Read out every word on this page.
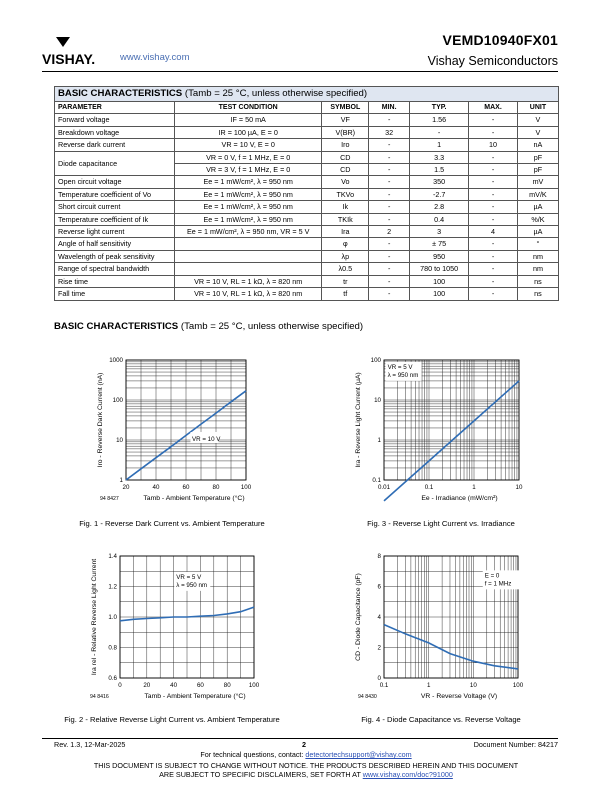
VISHAY.	www.vishay.com
VEMD10940FX01
Vishay Semiconductors
BASIC CHARACTERISTICS (Tamb = 25 °C, unless otherwise specified)						
PARAMETER	TEST CONDITION	SYMBOL	MIN.	TYP.	MAX.	UNIT
Forward voltage	IF = 50 mA	VF	-	1.56	-	V
Breakdown voltage	IR = 100 µA, E = 0	V(BR)	32	-	-	V
Reverse dark current	VR = 10 V, E = 0	Iro	-	1	10	nA
Diode capacitance	VR = 0 V, f = 1 MHz, E = 0	CD	-	3.3	-	pF
	VR = 3 V, f = 1 MHz, E = 0	CD	-	1.5	-	pF
Open circuit voltage	Ee = 1 mW/cm², λ = 950 nm	Vo	-	350	-	mV
Temperature coefficient of Vo	Ee = 1 mW/cm², λ = 950 nm	TKVo	-	-2.7	-	mV/K
Short circuit current	Ee = 1 mW/cm², λ = 950 nm	Ik	-	2.8	-	µA
Temperature coefficient of Ik	Ee = 1 mW/cm², λ = 950 nm	TKIk	-	0.4	-	%/K
Reverse light current	Ee = 1 mW/cm², λ = 950 nm, VR = 5 V	Ira	2	3	4	µA
Angle of half sensitivity		φ	-	± 75	-	°
Wavelength of peak sensitivity		λp	-	950	-	nm
Range of spectral bandwidth		λ0.5	-	780 to 1050	-	nm
Rise time	VR = 10 V, RL = 1 kΩ, λ = 820 nm	tr	-	100	-	ns
Fall time	VR = 10 V, RL = 1 kΩ, λ = 820 nm	tf	-	100	-	ns
BASIC CHARACTERISTICS (Tamb = 25 °C, unless otherwise specified)
20	40	60	80	100
1
10
100
1000
Tamb - Ambient Temperature (°C)
Iro - Reverse Dark Current (nA)
94 8427
VR = 10 V
Fig. 1 - Reverse Dark Current vs. Ambient Temperature
0	20	40	60	80	100
0.6
0.8
1.0
1.2
1.4
Tamb - Ambient Temperature (°C)
Ira rel - Relative Reverse Light Current
94 8416
VR = 5 V
λ = 950 nm
Fig. 2 - Relative Reverse Light Current vs. Ambient Temperature
0.01	0.1	1	10
0.1
1
10
100
Ee - Irradiance (mW/cm²)
Ira - Reverse Light Current (µA)
VR = 5 V
λ = 950 nm
Fig. 3 - Reverse Light Current vs. Irradiance
0.1	1	10	100
0
2
4
6
8
VR - Reverse Voltage (V)
CD - Diode Capacitance (pF)
94 8430
E = 0
f = 1 MHz
Fig. 4 - Diode Capacitance vs. Reverse Voltage
Rev. 1.3, 12-Mar-2025	2	Document Number: 84217
For technical questions, contact: detectortechsupport@vishay.com
THIS DOCUMENT IS SUBJECT TO CHANGE WITHOUT NOTICE. THE PRODUCTS DESCRIBED HEREIN AND THIS DOCUMENT
ARE SUBJECT TO SPECIFIC DISCLAIMERS, SET FORTH AT www.vishay.com/doc?91000
